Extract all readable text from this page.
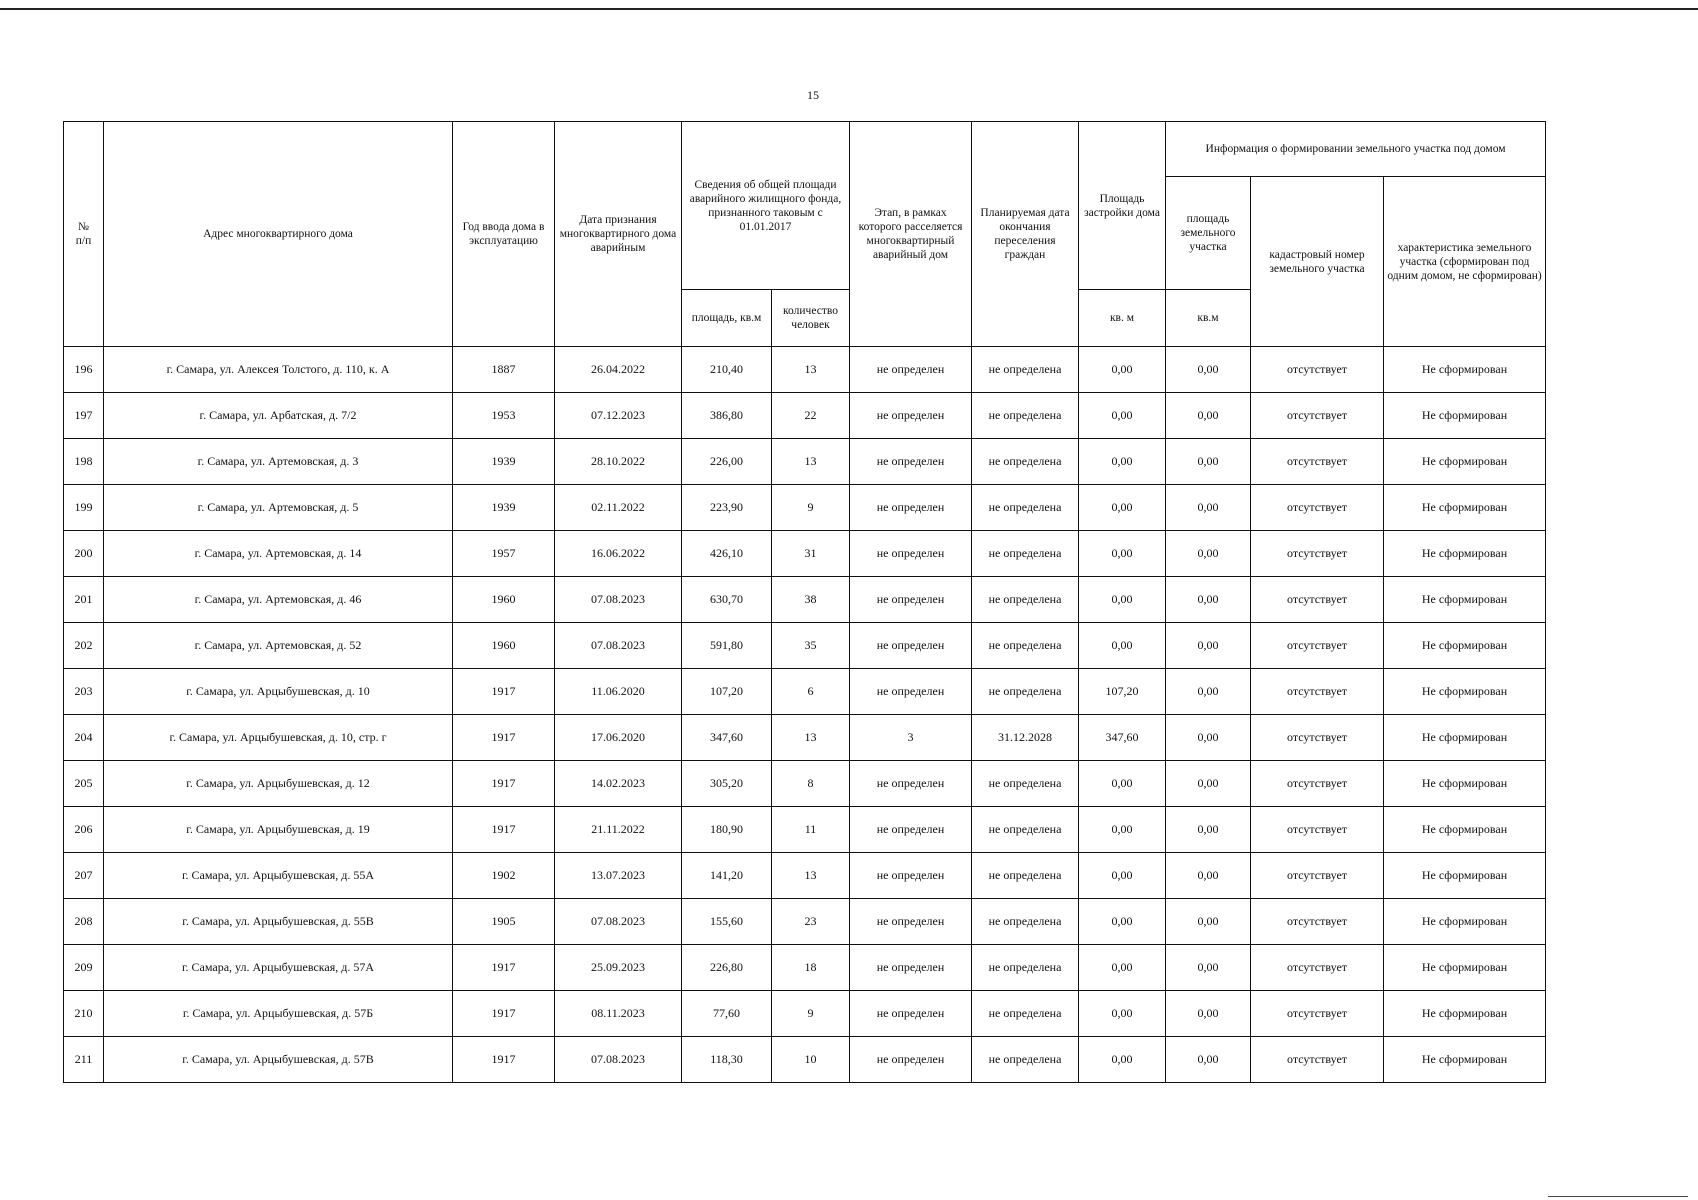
15
№
п/п	Адрес многоквартирного дома	Год ввода дома в эксплуатацию	Дата признания многоквартирного дома аварийным	Сведения об общей площади аварийного жилищного фонда, признанного таковым с 01.01.2017		Этап, в рамках которого расселяется многоквартирный аварийный дом	Планируемая дата окончания переселения граждан	Площадь застройки дома	Информация о формировании земельного участка под домом		
									площадь земельного участка	кадастровый номер земельного участка	характеристика земельного участка (сформирован под одним домом, не сформирован)
				площадь, кв.м	количество человек			кв. м	кв.м		
196	г. Самара, ул. Алексея Толстого, д. 110, к. А	1887	26.04.2022	210,40	13	не определен	не определена	0,00	0,00	отсутствует	Не сформирован
197	г. Самара, ул. Арбатская, д. 7/2	1953	07.12.2023	386,80	22	не определен	не определена	0,00	0,00	отсутствует	Не сформирован
198	г. Самара, ул. Артемовская, д. 3	1939	28.10.2022	226,00	13	не определен	не определена	0,00	0,00	отсутствует	Не сформирован
199	г. Самара, ул. Артемовская, д. 5	1939	02.11.2022	223,90	9	не определен	не определена	0,00	0,00	отсутствует	Не сформирован
200	г. Самара, ул. Артемовская, д. 14	1957	16.06.2022	426,10	31	не определен	не определена	0,00	0,00	отсутствует	Не сформирован
201	г. Самара, ул. Артемовская, д. 46	1960	07.08.2023	630,70	38	не определен	не определена	0,00	0,00	отсутствует	Не сформирован
202	г. Самара, ул. Артемовская, д. 52	1960	07.08.2023	591,80	35	не определен	не определена	0,00	0,00	отсутствует	Не сформирован
203	г. Самара, ул. Арцыбушевская, д. 10	1917	11.06.2020	107,20	6	не определен	не определена	107,20	0,00	отсутствует	Не сформирован
204	г. Самара, ул. Арцыбушевская, д. 10, стр. г	1917	17.06.2020	347,60	13	3	31.12.2028	347,60	0,00	отсутствует	Не сформирован
205	г. Самара, ул. Арцыбушевская, д. 12	1917	14.02.2023	305,20	8	не определен	не определена	0,00	0,00	отсутствует	Не сформирован
206	г. Самара, ул. Арцыбушевская, д. 19	1917	21.11.2022	180,90	11	не определен	не определена	0,00	0,00	отсутствует	Не сформирован
207	г. Самара, ул. Арцыбушевская, д. 55А	1902	13.07.2023	141,20	13	не определен	не определена	0,00	0,00	отсутствует	Не сформирован
208	г. Самара, ул. Арцыбушевская, д. 55В	1905	07.08.2023	155,60	23	не определен	не определена	0,00	0,00	отсутствует	Не сформирован
209	г. Самара, ул. Арцыбушевская, д. 57А	1917	25.09.2023	226,80	18	не определен	не определена	0,00	0,00	отсутствует	Не сформирован
210	г. Самара, ул. Арцыбушевская, д. 57Б	1917	08.11.2023	77,60	9	не определен	не определена	0,00	0,00	отсутствует	Не сформирован
211	г. Самара, ул. Арцыбушевская, д. 57В	1917	07.08.2023	118,30	10	не определен	не определена	0,00	0,00	отсутствует	Не сформирован
